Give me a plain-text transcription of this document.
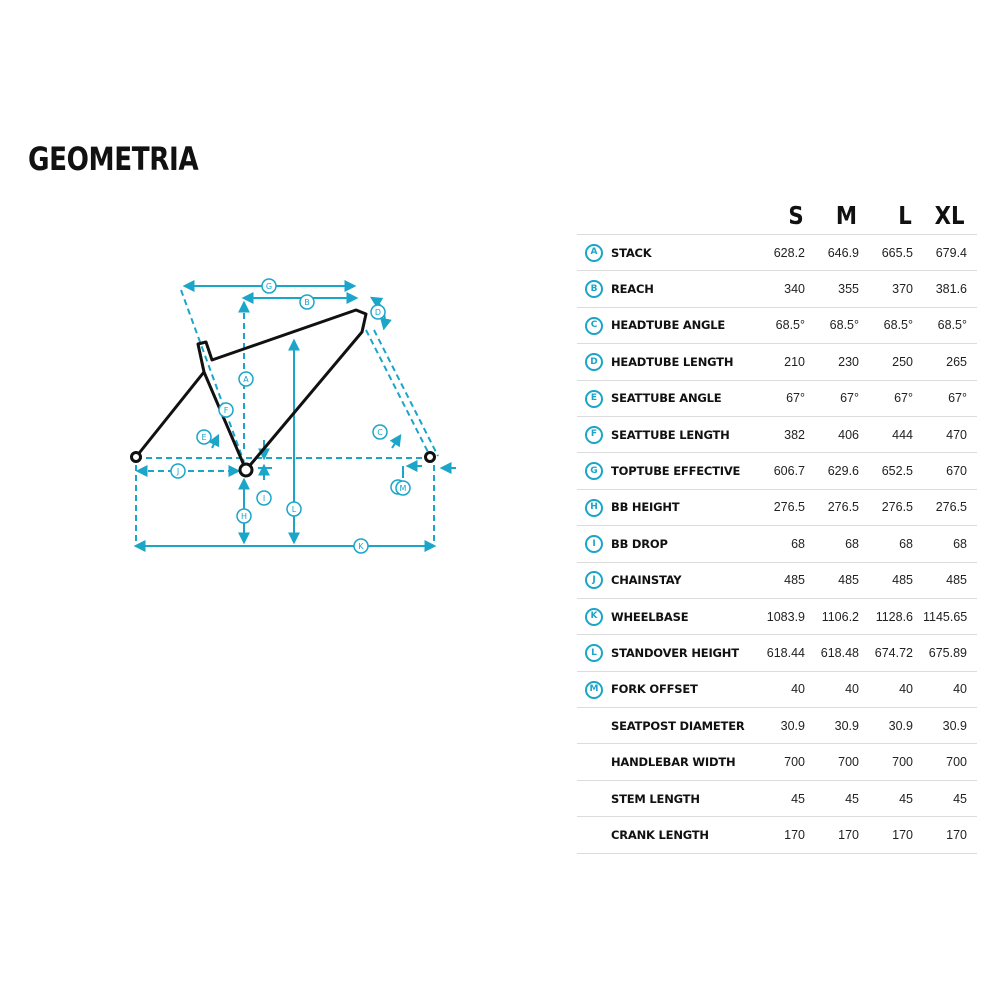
GEOMETRIA
A
B
C
D
E
F
G
H
I
J
K
L
M
		S	M	L	XL
A	STACK	628.2	646.9	665.5	679.4
B	REACH	340	355	370	381.6
C	HEADTUBE ANGLE	68.5°	68.5°	68.5°	68.5°
D	HEADTUBE LENGTH	210	230	250	265
E	SEATTUBE ANGLE	67°	67°	67°	67°
F	SEATTUBE LENGTH	382	406	444	470
G	TOPTUBE EFFECTIVE	606.7	629.6	652.5	670
H	BB HEIGHT	276.5	276.5	276.5	276.5
I	BB DROP	68	68	68	68
J	CHAINSTAY	485	485	485	485
K	WHEELBASE	1083.9	1106.2	1128.6	1145.65
L	STANDOVER HEIGHT	618.44	618.48	674.72	675.89
M	FORK OFFSET	40	40	40	40
	SEATPOST DIAMETER	30.9	30.9	30.9	30.9
	HANDLEBAR WIDTH	700	700	700	700
	STEM LENGTH	45	45	45	45
	CRANK LENGTH	170	170	170	170
